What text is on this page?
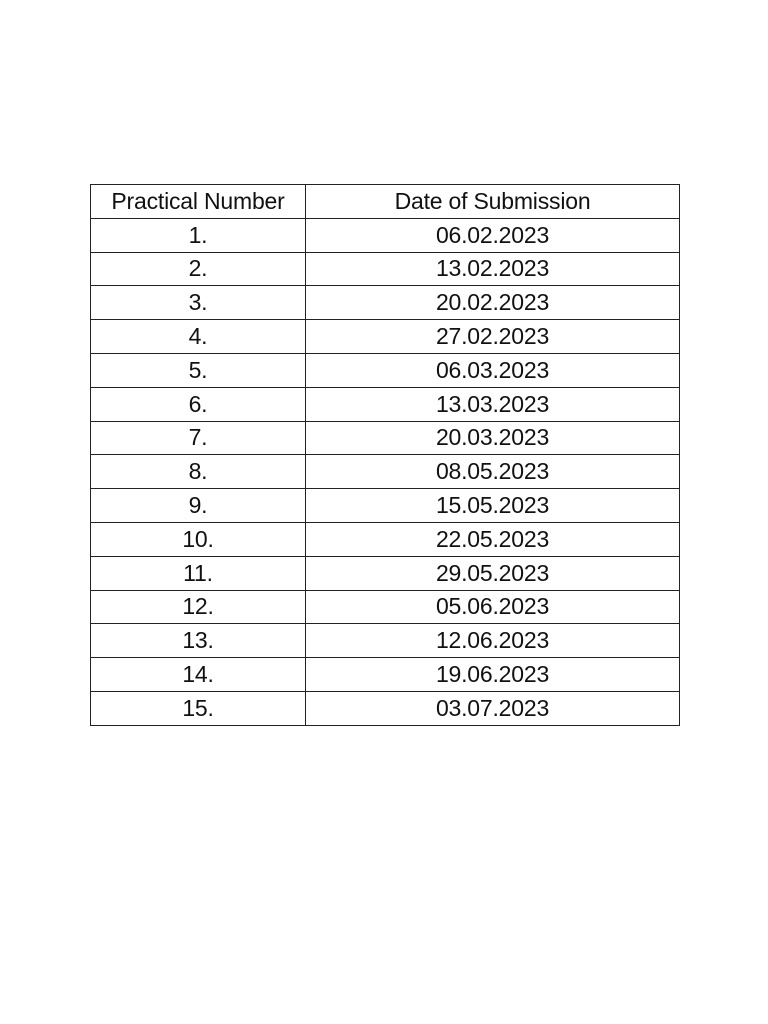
Practical Number	Date of Submission
1.	06.02.2023
2.	13.02.2023
3.	20.02.2023
4.	27.02.2023
5.	06.03.2023
6.	13.03.2023
7.	20.03.2023
8.	08.05.2023
9.	15.05.2023
10.	22.05.2023
11.	29.05.2023
12.	05.06.2023
13.	12.06.2023
14.	19.06.2023
15.	03.07.2023
